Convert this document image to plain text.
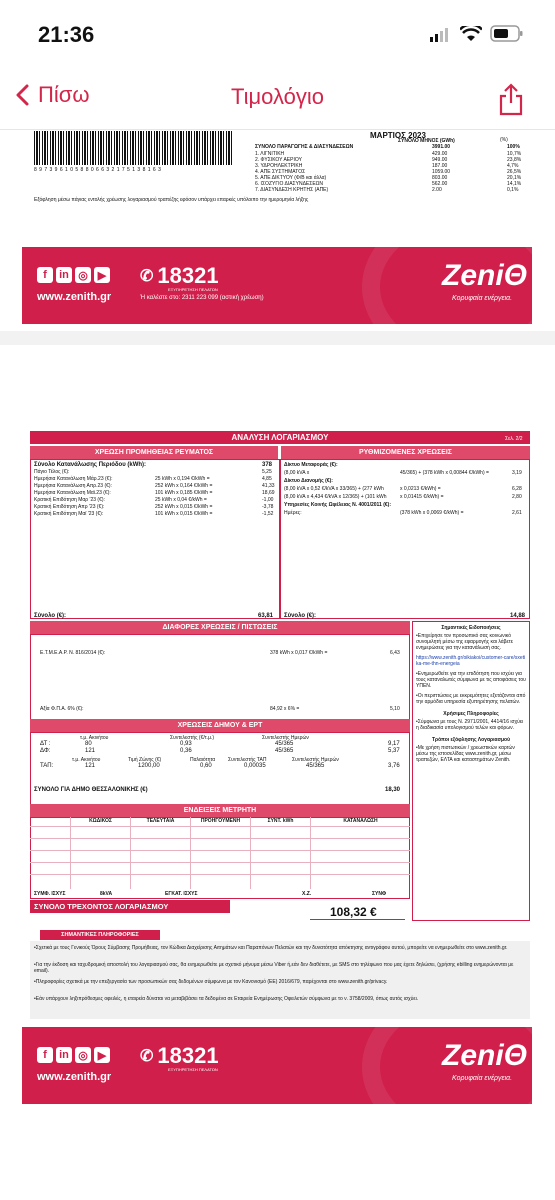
21:36
Πίσω	Τιμολόγιο
8 9 7 3 9 6 1 0 5 8 8 0 6 6 3 2 1 7 5 1 3 8 1 6 3
ΜΑΡΤΙΟΣ 2023
ΣΥΝΟΛΟ ΜΗΝΟΣ (GWh)	(%)
ΣΥΝΟΛΟ ΠΑΡΑΓΩΓΗΣ & ΔΙΑΣΥΝΔΕΣΕΩΝ	3991.00	100%
Εξόφληση μέσω πάγιας εντολής χρέωσης λογαριασμού τραπέζης εφόσον υπάρχει επαρκές υπόλοιπο την ημερομηνία λήξης
f	in ◎ ▶
www.zenith.gr
✆ 18321
ΕΞΥΠΗΡΕΤΗΣΗ ΠΕΛΑΤΩΝ
Ή καλέστε στο: 2311 223 099 (αστική χρέωση)
ZeniΘ
Κορυφαία ενέργεια.
1. ΛΙΓΝΙΤΙΚΗ	429.00	10,7%
2. ΦΥΣΙΚΟΥ ΑΕΡΙΟΥ	949.00	23,8%
3. ΥΔΡΟΗΛΕΚΤΡΙΚΗ	187.00	4,7%
4. ΑΠΕ ΣΥΣΤΗΜΑΤΟΣ	1059.00	26,5%
5. ΑΠΕ ΔΙΚΤΥΟΥ (Φ/Β και άλλα)	803.00	20,1%
6. ΙΣΟΖΥΓΙΟ ΔΙΑΣΥΝΔΕΣΕΩΝ	562.00	14,1%
7. ΔΙΑΣΥΝΔΕΣΗ ΚΡΗΤΗΣ (ΑΠΕ)	2.00	0,1%
ΑΝΑΛΥΣΗ ΛΟΓΑΡΙΑΣΜΟΥ	Σελ. 2/2
ΧΡΕΩΣΗ ΠΡΟΜΗΘΕΙΑΣ ΡΕΥΜΑΤΟΣ	ΡΥΘΜΙΖΟΜΕΝΕΣ ΧΡΕΩΣΕΙΣ
Σύνολο Κατανάλωσης Περιόδου (kWh):	378
Σύνολο (€):	63,81 Σύνολο (€):	14,88
ΔΙΑΦΟΡΕΣ ΧΡΕΩΣΕΙΣ / ΠΙΣΤΩΣΕΙΣ
ΧΡΕΩΣΕΙΣ ΔΗΜΟΥ & ΕΡΤ
τ.μ. Ακινήτου	Συντελεστής (€/τ.μ.)	Συντελεστής Ημερών
τ.μ. Ακινήτου	Τιμή Ζώνης (€)	Παλαιότητα	Συντελεστής ΤΑΠ	Συντελεστής Ημερών
ΤΑΠ:	121	1200,00	0,60	0,00035	45/365	3,76
ΣΥΝΟΛΟ ΓΙΑ ΔΗΜΟ ΘΕΣΣΑΛΟΝΙΚΗΣ (€)	18,30
ΕΝΔΕΙΞΕΙΣ ΜΕΤΡΗΤΗ
ΣΥΜΦ. ΙΣΧΥΣ	8kVA	ΕΓΚΑΤ. ΙΣΧΥΣ	Χ.Ζ.	ΣΥΝΦ
ΣΥΝΟΛΟ ΤΡΕΧΟΝΤΟΣ ΛΟΓΑΡΙΑΣΜΟΥ	108,32 €
Σημαντικές Ειδοποιήσεις
•Επιχείρησε τον προσωπικό σας κοινωνικό συνομιλητή μέσω της εφαρμογής και λάβετε ενημερώσεις για την κατανάλωσή σας.
https://www.zenith.gr/oikiakoi/customer-care/sxetika-me-thn-energeia
•Ενημερωθείτε για την επιδότηση που ισχύει για τους καταναλωτές σύμφωνα με τις αποφάσεις του ΥΠΕΝ.
•Οι περιπτώσεις με εκκρεμότητες εξετάζονται από την αρμόδια υπηρεσία εξυπηρέτησης πελατών.
Χρήσιμες Πληροφορίες
•Σύμφωνα με τους Ν. 2971/2001, 4414/16 ισχύει η διαδικασία υπολογισμού τελών και φόρων.
Τρόποι εξόφλησης Λογαριασμού
•Με χρήση πιστωτικών / χρεωστικών καρτών μέσω της ιστοσελίδας www.zenith.gr, μέσω τραπεζών, ΕΛΤΑ και καταστημάτων Zenith.
ΣΗΜΑΝΤΙΚΕΣ ΠΛΗΡΟΦΟΡΙΕΣ
f	in ◎ ▶
www.zenith.gr
✆ 18321
ΕΞΥΠΗΡΕΤΗΣΗ ΠΕΛΑΤΩΝ	ZeniΘ
Κορυφαία ενέργεια.
Πάγιο Τέλος (€):	5,25
Ημερήσια Κατανάλωση Μάρ.23 (€):	25 kWh x 0,194 €/kWh =	4,85
Ημερήσια Κατανάλωση Απρ.23 (€):	252 kWh x 0,164 €/kWh =	41,33
Ημερήσια Κατανάλωση Μαϊ.23 (€):	101 kWh x 0,185 €/kWh =	18,69
Κρατική Επιδότηση Μαρ '23 (€):	25 kWh x 0,04 €/kWh =	-1,00
Κρατική Επιδότηση Απρ '23 (€):	252 kWh x 0,015 €/kWh =	-3,78
Κρατική Επιδότηση Μαϊ '23 (€):	101 kWh x 0,015 €/kWh =	-1,52
Δίκτυο Μεταφοράς (€):
(8,00 kVA x	45/365) + (378 kWh x 0,00844 €/kWh) =	3,19
Δίκτυο Διανομής (€):
(8,00 kVA x 0,52 €/kVA x 33/365) + (277 kWh	x 0,0213 €/kWh) =	6,28
(8,00 kVA x 4,434 €/kVA x 12/365) + (101 kWh	x 0,01415 €/kWh) =	2,80
Υπηρεσίες Κοινής Ωφέλειας Ν. 4001/2011 (€):
Ημέρες:	(378 kWh x 0,0069 €/kWh) =	2,61
Ε.Τ.Μ.Ε.Α.Ρ. Ν. 816/2014 (€):	378 kWh x 0,017 €/kWh =	6,43
Αξία Φ.Π.Α. 6% (€):	84,92 x 6% =	5,10
ΔΤ :	80	0,93	45/365	9,17
ΔΦ:	121	0,36	45/365	5,37
ΚΩΔΙΚΟΣ	ΤΕΛΕΥΤΑΙΑ	ΠΡΟΗΓΟΥΜΕΝΗ	ΣΥΝΤ. kWh	ΚΑΤΑΝΑΛΩΣΗ
•Σχετικά με τους Γενικούς Όρους Σύμβασης Προμήθειας, τον Κώδικα Διαχείρισης Αιτημάτων και Παραπόνων Πελατών και την δυνατότητα απόκτησης αντιγράφου αυτού, μπορείτε να ενημερωθείτε στο www.zenith.gr.
•Για την έκδοση και ταχυδρομική αποστολή του λογαριασμού σας, θα ενημερωθείτε με σχετικό μήνυμα μέσω Viber ή,εάν δεν διαθέτετε, με SMS στο τηλέφωνο που μας έχετε δηλώσει, (χρήσης ebilling ενημερώνονται με email).
•Πληροφορίες σχετικά με την επεξεργασία των προσωπικών σας δεδομένων σύμφωνα με τον Κανονισμό (ΕΕ) 2016/679, παρέχονται στο www.zenith.gr/privacy.
•Εάν υπάρχουν ληξιπρόθεσμες οφειλές, η εταιρεία δύναται να μεταβιβάσει τα δεδομένα σε Εταιρεία Ενημέρωσης Οφειλετών σύμφωνα με το ν. 3758/2009, όπως αυτός ισχύει.
